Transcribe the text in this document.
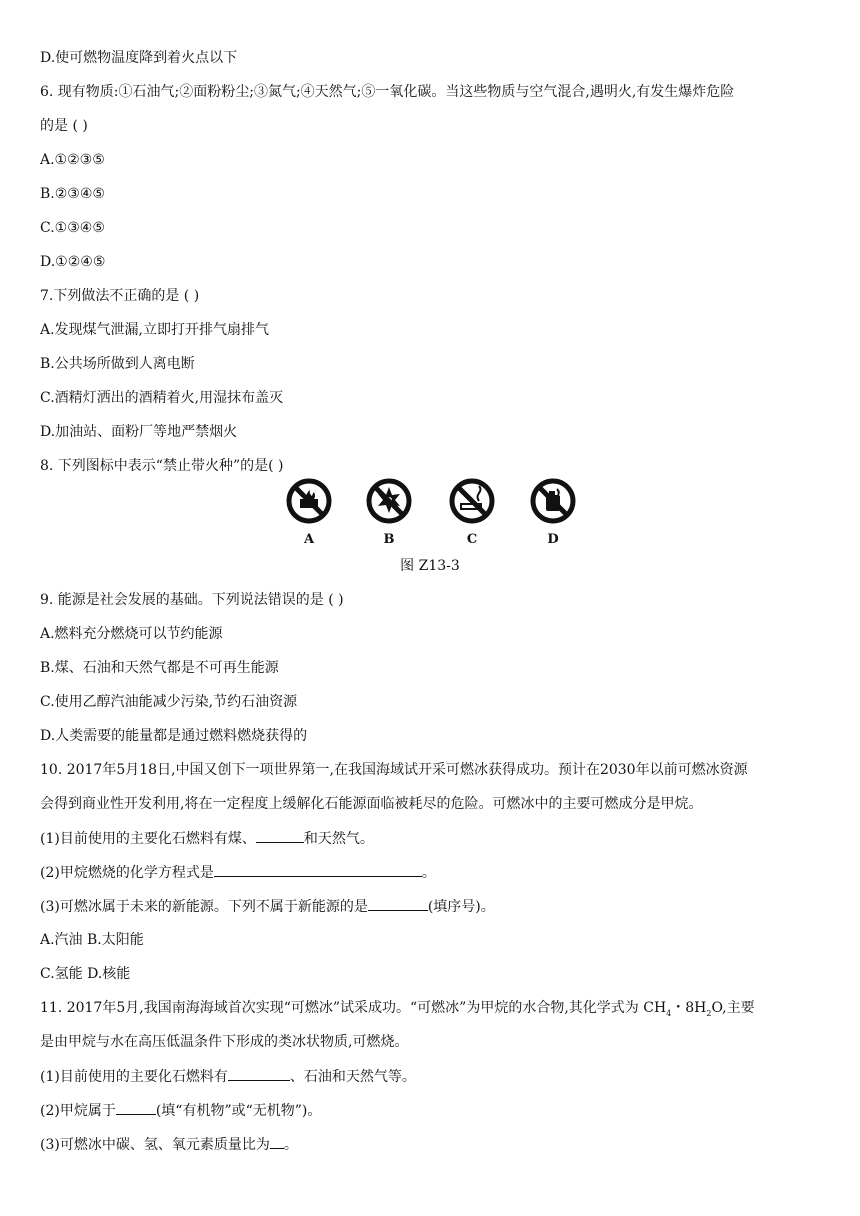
D.使可燃物温度降到着火点以下
6. 现有物质:①石油气;②面粉粉尘;③氮气;④天然气;⑤一氧化碳。当这些物质与空气混合,遇明火,有发生爆炸危险
的是 ( )
A.①②③⑤
B.②③④⑤
C.①③④⑤
D.①②④⑤
7.下列做法不正确的是 ( )
A.发现煤气泄漏,立即打开排气扇排气
B.公共场所做到人离电断
C.酒精灯洒出的酒精着火,用湿抹布盖灭
D.加油站、面粉厂等地严禁烟火
8. 下列图标中表示“禁止带火种”的是( )
A	B	C	D
图 Z13-3
9. 能源是社会发展的基础。下列说法错误的是 ( )
A.燃料充分燃烧可以节约能源
B.煤、石油和天然气都是不可再生能源
C.使用乙醇汽油能减少污染,节约石油资源
D.人类需要的能量都是通过燃料燃烧获得的
10. 2017年5月18日,中国又创下一项世界第一,在我国海域试开采可燃冰获得成功。预计在2030年以前可燃冰资源
会得到商业性开发利用,将在一定程度上缓解化石能源面临被耗尽的危险。可燃冰中的主要可燃成分是甲烷。
(1)目前使用的主要化石燃料有煤、	和天然气。
(2)甲烷燃烧的化学方程式是	。
(3)可燃冰属于未来的新能源。下列不属于新能源的是	(填序号)。
A.汽油 B.太阳能
C.氢能 D.核能
11. 2017年5月,我国南海海域首次实现“可燃冰”试采成功。“可燃冰”为甲烷的水合物,其化学式为 $CH_4$・$8H_2O$,主要
是由甲烷与水在高压低温条件下形成的类冰状物质,可燃烧。
(1)目前使用的主要化石燃料有	、石油和天然气等。
(2)甲烷属于	(填“有机物”或“无机物”)。
(3)可燃冰中碳、氢、氧元素质量比为 。
